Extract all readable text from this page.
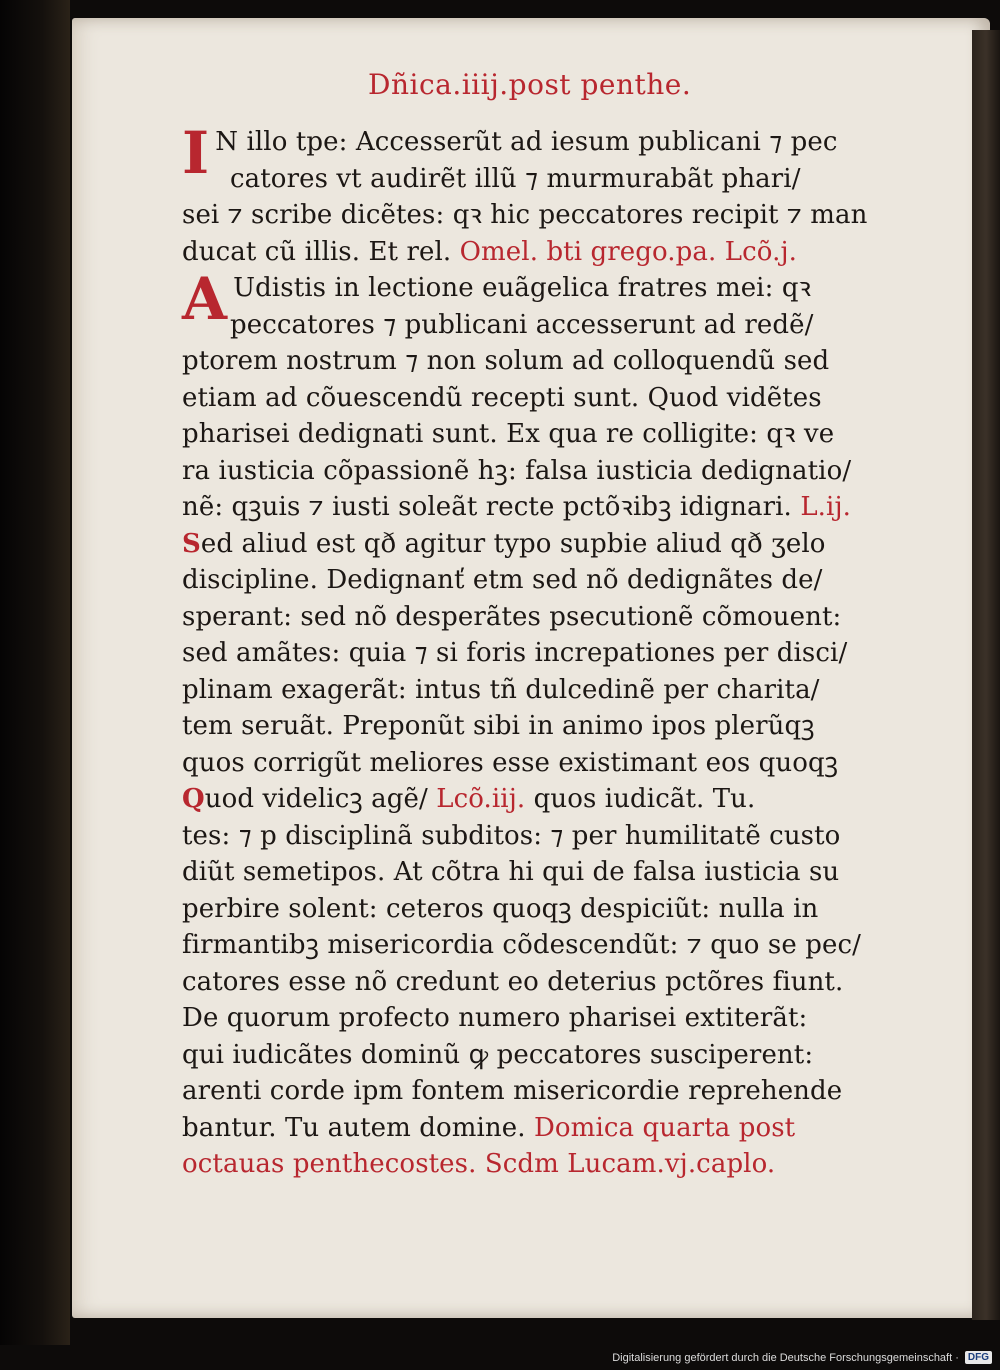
Dñica.iiij.post penthe.
I N illo tpe: Accesserũt ad iesum publicani ⁊ pec
catores vt audirẽt illũ ⁊ murmurabãt phari/
sei ⁊ scribe dicẽtes: qꝛ hic peccatores recipit ⁊ man
ducat cũ illis. Et rel. Omel. bti grego.pa. Lcõ.j.
A Udistis in lectione euãgelica fratres mei: qꝛ
peccatores ⁊ publicani accesserunt ad redẽ/
ptorem nostrum ⁊ non solum ad colloquendũ sed
etiam ad cõuescendũ recepti sunt. Quod vidẽtes
pharisei dedignati sunt. Ex qua re colligite: qꝛ ve
ra iusticia cõpassionẽ hꝫ: falsa iusticia dedignatio/
nẽ: qꝫuis ⁊ iusti soleãt recte pctõꝛibꝫ idignari. L.ij.
Sed aliud est qð agitur typo supbie aliud qð ʒelo
discipline. Dedignanť etm sed nõ dedignãtes de/
sperant: sed nõ desperãtes psecutionẽ cõmouent:
sed amãtes: quia ⁊ si foris increpationes per disci/
plinam exagerãt: intus tñ dulcedinẽ per charita/
tem seruãt. Preponũt sibi in animo ipos plerũqꝫ
quos corrigũt meliores esse existimant eos quoqꝫ
Quod videlicꝫ agẽ/ Lcõ.iij. quos iudicãt. Tu.
tes: ⁊ p disciplinã subditos: ⁊ per humilitatẽ custo
diũt semetipos. At cõtra hi qui de falsa iusticia su
perbire solent: ceteros quoqꝫ despiciũt: nulla in
firmantibꝫ misericordia cõdescendũt: ⁊ quo se pec/
catores esse nõ credunt eo deterius pctõres fiunt.
De quorum profecto numero pharisei extiterãt:
qui iudicãtes dominũ ꝙ peccatores susciperent:
arenti corde ipm fontem misericordie reprehende
bantur. Tu autem domine. Domica quarta post
octauas penthecostes. Scdm Lucam.vj.caplo.
Digitalisierung gefördert durch die Deutsche Forschungsgemeinschaft · DFG
